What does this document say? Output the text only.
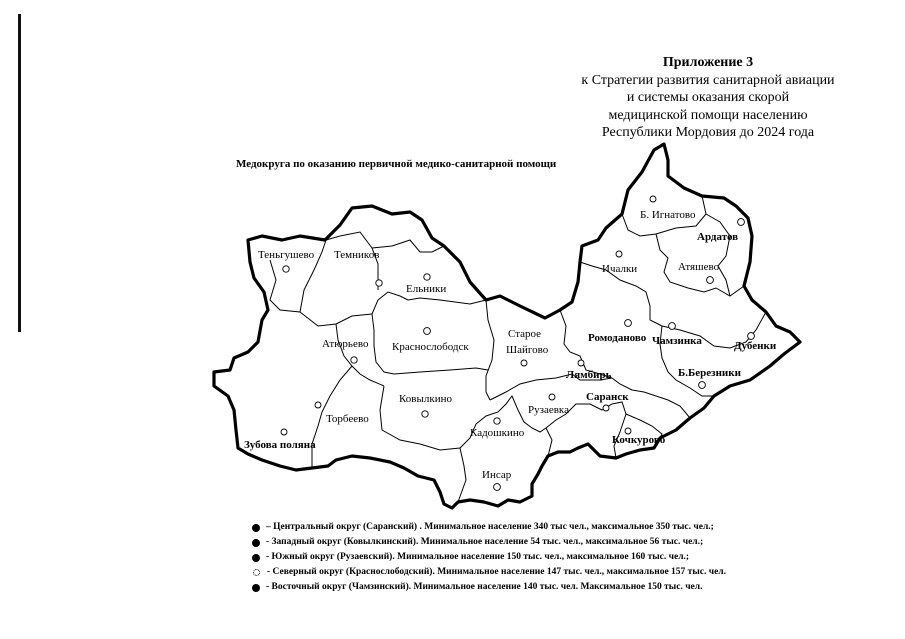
Приложение 3
к Стратегии развития санитарной авиации
и системы оказания скорой
медицинской помощи населению
Республики Мордовия до 2024 года
Медокруга по оказанию первичной медико-санитарной помощи
Теньгушево Темников
Ельники
Б. Игнатово
Ардатов
Ичалки	Атяшево
Атюрьево Краснослободск
Старое
Шайгово
Ромоданово Чамзинка	Дубенки
Лямбирь	Б.Березники
Саранск
Ковылкино
Торбеево
Рузаевка
Кадошкино
Зубова поляна	Кочкурово
Инсар
– Центральный округ (Саранский) . Минимальное население 340 тыс чел., максимальное 350 тыс. чел.;
- Западный округ (Ковылкинский). Минимальное население 54 тыс. чел., максимальное 56 тыс. чел.;
- Южный округ (Рузаевский). Минимальное население 150 тыс. чел., максимальное 160 тыс. чел.;
- Северный округ (Краснослободский). Минимальное население 147 тыс. чел., максимальное 157 тыс. чел.
- Восточный округ (Чамзинский). Минимальное население 140 тыс. чел. Максимальное 150 тыс. чел.
